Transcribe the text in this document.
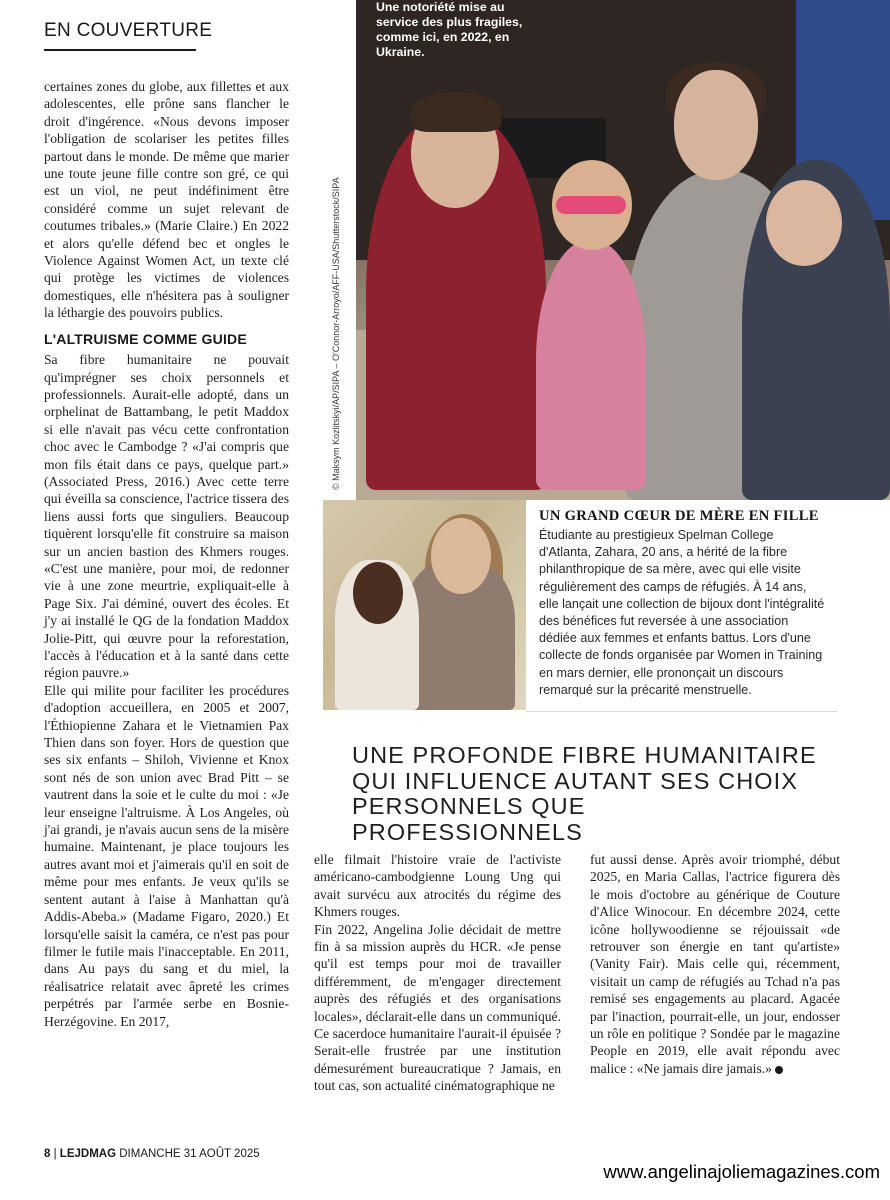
EN COUVERTURE
Une notoriété mise au service des plus fragiles, comme ici, en 2022, en Ukraine.
© Maksym Kozlitskyi/AP/SIPA – O'Connor-Arroyo/AFF-USA/Shutterstock/SIPA
UN GRAND CŒUR DE MÈRE EN FILLE
Étudiante au prestigieux Spelman College d'Atlanta, Zahara, 20 ans, a hérité de la fibre philanthropique de sa mère, avec qui elle visite régulièrement des camps de réfugiés. À 14 ans, elle lançait une collection de bijoux dont l'intégralité des bénéfices fut reversée à une association dédiée aux femmes et enfants battus. Lors d'une collecte de fonds organisée par Women in Training en mars dernier, elle prononçait un discours remarqué sur la précarité menstruelle.
UNE PROFONDE FIBRE HUMANITAIRE QUI INFLUENCE AUTANT SES CHOIX PERSONNELS QUE PROFESSIONNELS

certaines zones du globe, aux fillettes et aux adolescentes, elle prône sans flancher le droit d'ingérence. «Nous devons imposer l'obligation de scolariser les petites filles partout dans le monde. De même que marier une toute jeune fille contre son gré, ce qui est un viol, ne peut indéfiniment être considéré comme un sujet relevant de coutumes tribales.» (Marie Claire.) En 2022 et alors qu'elle défend bec et ongles le Violence Against Women Act, un texte clé qui protège les victimes de violences domestiques, elle n'hésitera pas à souligner la léthargie des pouvoirs publics.

L'ALTRUISME COMME GUIDE

Sa fibre humanitaire ne pouvait qu'imprégner ses choix personnels et professionnels. Aurait-elle adopté, dans un orphelinat de Battambang, le petit Maddox si elle n'avait pas vécu cette confrontation choc avec le Cambodge ? «J'ai compris que mon fils était dans ce pays, quelque part.» (Associated Press, 2016.) Avec cette terre qui éveilla sa conscience, l'actrice tissera des liens aussi forts que singuliers. Beaucoup tiquèrent lorsqu'elle fit construire sa maison sur un ancien bastion des Khmers rouges. «C'est une manière, pour moi, de redonner vie à une zone meurtrie, expliquait-elle à Page Six. J'ai déminé, ouvert des écoles. Et j'y ai installé le QG de la fondation Maddox Jolie-Pitt, qui œuvre pour la reforestation, l'accès à l'éducation et à la santé dans cette région pauvre.»

Elle qui milite pour faciliter les procédures d'adoption accueillera, en 2005 et 2007, l'Éthiopienne Zahara et le Vietnamien Pax Thien dans son foyer. Hors de question que ses six enfants – Shiloh, Vivienne et Knox sont nés de son union avec Brad Pitt – se vautrent dans la soie et le culte du moi : «Je leur enseigne l'altruisme. À Los Angeles, où j'ai grandi, je n'avais aucun sens de la misère humaine. Maintenant, je place toujours les autres avant moi et j'aimerais qu'il en soit de même pour mes enfants. Je veux qu'ils se sentent autant à l'aise à Manhattan qu'à Addis-Abeba.» (Madame Figaro, 2020.) Et lorsqu'elle saisit la caméra, ce n'est pas pour filmer le futile mais l'inacceptable. En 2011, dans Au pays du sang et du miel, la réalisatrice relatait avec âpreté les crimes perpétrés par l'armée serbe en Bosnie-Herzégovine. En 2017,

elle filmait l'histoire vraie de l'activiste américano-cambodgienne Loung Ung qui avait survécu aux atrocités du régime des Khmers rouges.

Fin 2022, Angelina Jolie décidait de mettre fin à sa mission auprès du HCR. «Je pense qu'il est temps pour moi de travailler différemment, de m'engager directement auprès des réfugiés et des organisations locales», déclarait-elle dans un communiqué. Ce sacerdoce humanitaire l'aurait-il épuisée ? Serait-elle frustrée par une institution démesurément bureaucratique ? Jamais, en tout cas, son actualité cinématographique ne

fut aussi dense. Après avoir triomphé, début 2025, en Maria Callas, l'actrice figurera dès le mois d'octobre au générique de Couture d'Alice Winocour. En décembre 2024, cette icône hollywoodienne se réjouissait «de retrouver son énergie en tant qu'artiste» (Vanity Fair). Mais celle qui, récemment, visitait un camp de réfugiés au Tchad n'a pas remisé ses engagements au placard. Agacée par l'inaction, pourrait-elle, un jour, endosser un rôle en politique ? Sondée par le magazine People en 2019, elle avait répondu avec malice : «Ne jamais dire jamais.»

8 | LEJDMAG DIMANCHE 31 AOÛT 2025
www.angelinajoliemagazines.com
